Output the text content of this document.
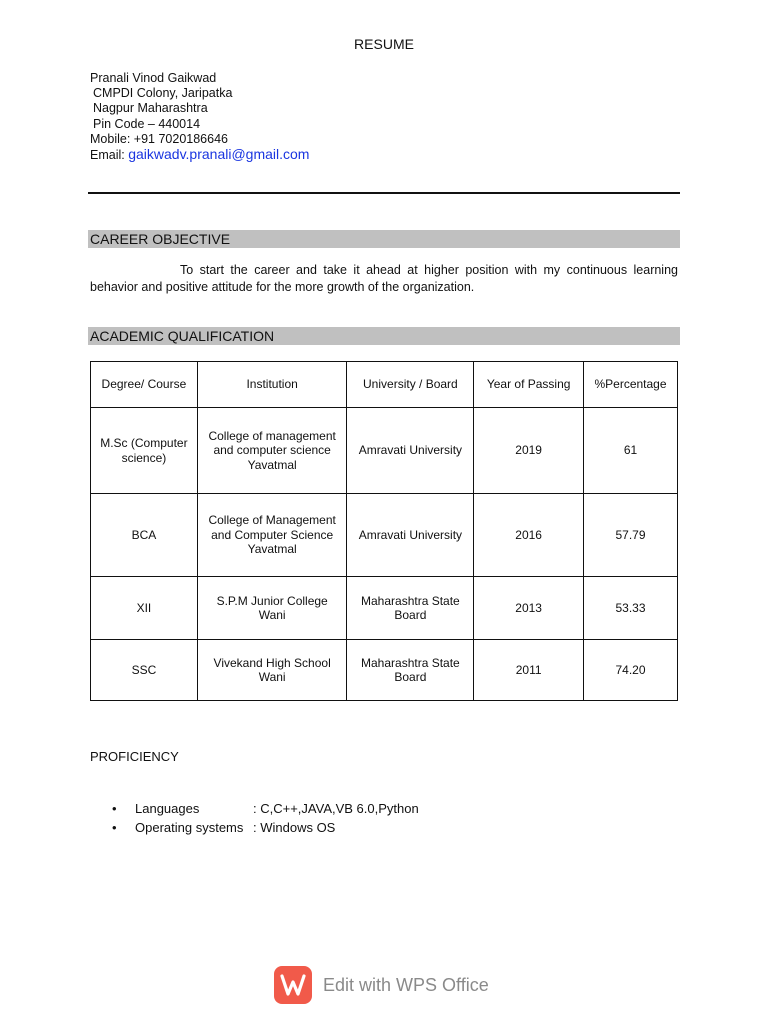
RESUME
Pranali Vinod Gaikwad
CMPDI Colony, Jaripatka
Nagpur Maharashtra
Pin Code – 440014
Mobile: +91 7020186646
Email: gaikwadv.pranali@gmail.com
CAREER OBJECTIVE
To start the career and take it ahead at higher position with my continuous learning behavior and positive attitude for the more growth of the organization.
ACADEMIC QUALIFICATION
Degree/ Course	Institution	University / Board	Year of Passing	%Percentage
M.Sc (Computer science)	College of management and computer science Yavatmal	Amravati University	2019	61
BCA	College of Management and Computer Science Yavatmal	Amravati University	2016	57.79
XII	S.P.M Junior College Wani	Maharashtra State Board	2013	53.33
SSC	Vivekand High School Wani	Maharashtra State Board	2011	74.20
PROFICIENCY
• Languages	: C,C++,JAVA,VB 6.0,Python
• Operating systems : Windows OS
Edit with WPS Office
